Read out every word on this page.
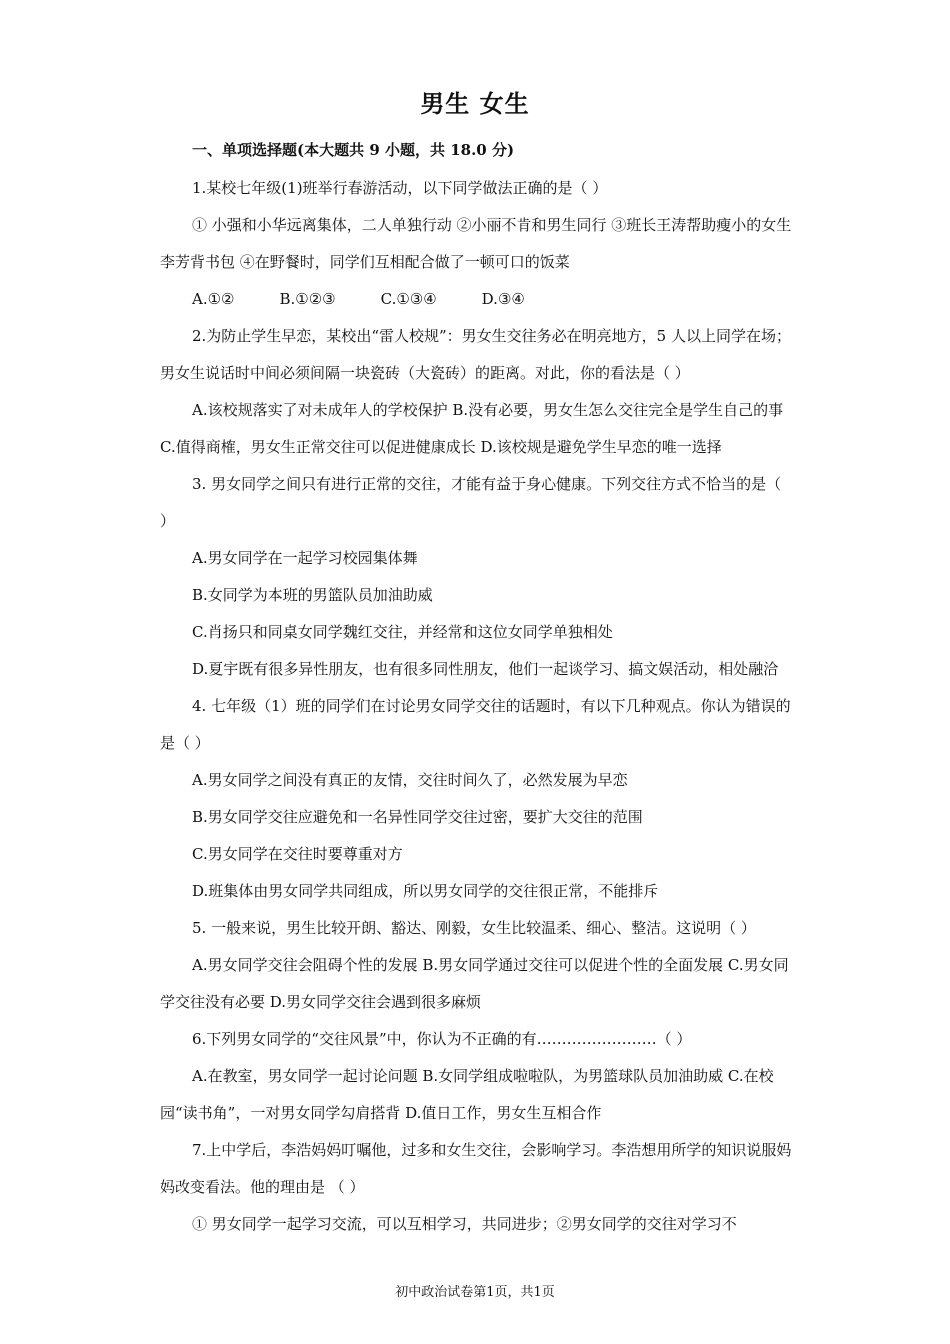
男生 女生
一、单项选择题(本大题共 9 小题，共 18.0 分)

1.某校七年级(1)班举行春游活动，以下同学做法正确的是（ ）

① 小强和小华远离集体，二人单独行动 ②小丽不肯和男生同行 ③班长王涛帮助瘦小的女生李芳背书包 ④在野餐时，同学们互相配合做了一顿可口的饭菜

A.①②　　　B.①②③　　　C.①③④　　　D.③④

2.为防止学生早恋，某校出“雷人校规”：男女生交往务必在明亮地方，5 人以上同学在场；男女生说话时中间必须间隔一块瓷砖（大瓷砖）的距离。对此，你的看法是（ ）

A.该校规落实了对未成年人的学校保护 B.没有必要，男女生怎么交往完全是学生自己的事 C.值得商榷，男女生正常交往可以促进健康成长 D.该校规是避免学生早恋的唯一选择

3. 男女同学之间只有进行正常的交往，才能有益于身心健康。下列交往方式不恰当的是（ ）

A.男女同学在一起学习校园集体舞

B.女同学为本班的男篮队员加油助威

C.肖扬只和同桌女同学魏红交往，并经常和这位女同学单独相处

D.夏宇既有很多异性朋友，也有很多同性朋友，他们一起谈学习、搞文娱活动，相处融洽

4. 七年级（1）班的同学们在讨论男女同学交往的话题时，有以下几种观点。你认为错误的是（ ）

A.男女同学之间没有真正的友情，交往时间久了，必然发展为早恋

B.男女同学交往应避免和一名异性同学交往过密，要扩大交往的范围

C.男女同学在交往时要尊重对方

D.班集体由男女同学共同组成，所以男女同学的交往很正常，不能排斥

5. 一般来说，男生比较开朗、豁达、刚毅，女生比较温柔、细心、整洁。这说明（ ）

A.男女同学交往会阻碍个性的发展 B.男女同学通过交往可以促进个性的全面发展 C.男女同学交往没有必要 D.男女同学交往会遇到很多麻烦

6.下列男女同学的“交往风景”中，你认为不正确的有……………………（ ）

A.在教室，男女同学一起讨论问题 B.女同学组成啦啦队，为男篮球队员加油助威 C.在校园“读书角”，一对男女同学勾肩搭背 D.值日工作，男女生互相合作

7.上中学后，李浩妈妈叮嘱他，过多和女生交往，会影响学习。李浩想用所学的知识说服妈妈改变看法。他的理由是 （ ）

① 男女同学一起学习交流，可以互相学习，共同进步；②男女同学的交往对学习不

初中政治试卷第1页，共1页
